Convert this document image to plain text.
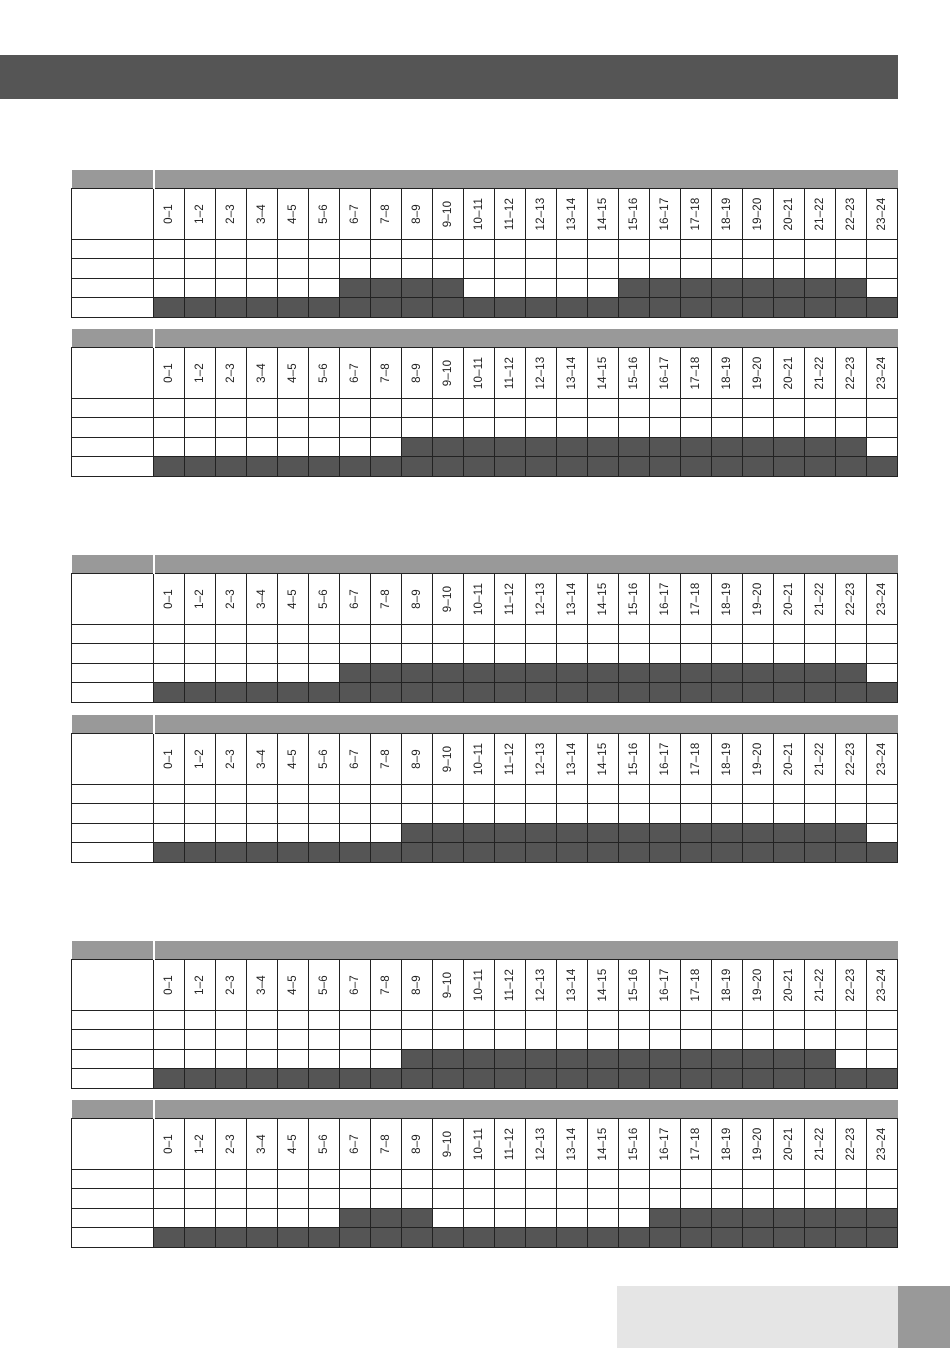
	0–1	1–2	2–3	3–4	4–5	5–6	6–7	7–8	8–9	9–10	10–11	11–12	12–13	13–14	14–15	15–16	16–17	17–18	18–19	19–20	20–21	21–22	22–23	23–24

	0–1	1–2	2–3	3–4	4–5	5–6	6–7	7–8	8–9	9–10	10–11	11–12	12–13	13–14	14–15	15–16	16–17	17–18	18–19	19–20	20–21	21–22	22–23	23–24

	0–1	1–2	2–3	3–4	4–5	5–6	6–7	7–8	8–9	9–10	10–11	11–12	12–13	13–14	14–15	15–16	16–17	17–18	18–19	19–20	20–21	21–22	22–23	23–24

	0–1	1–2	2–3	3–4	4–5	5–6	6–7	7–8	8–9	9–10	10–11	11–12	12–13	13–14	14–15	15–16	16–17	17–18	18–19	19–20	20–21	21–22	22–23	23–24

	0–1	1–2	2–3	3–4	4–5	5–6	6–7	7–8	8–9	9–10	10–11	11–12	12–13	13–14	14–15	15–16	16–17	17–18	18–19	19–20	20–21	21–22	22–23	23–24

	0–1	1–2	2–3	3–4	4–5	5–6	6–7	7–8	8–9	9–10	10–11	11–12	12–13	13–14	14–15	15–16	16–17	17–18	18–19	19–20	20–21	21–22	22–23	23–24
